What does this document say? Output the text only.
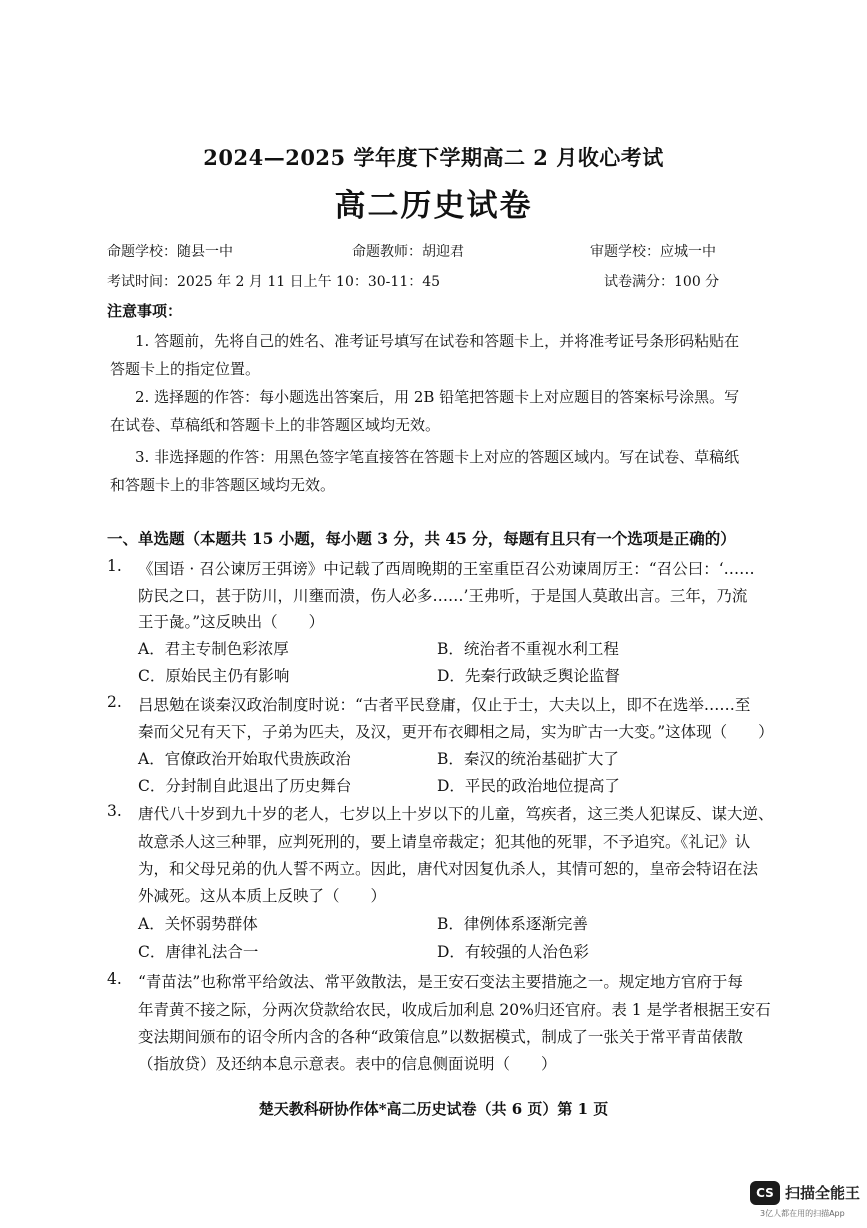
2024—2025 学年度下学期高二 2 月收心考试
高二历史试卷
命题学校：随县一中	命题教师：胡迎君	审题学校：应城一中
考试时间：2025 年 2 月 11 日上午 10：30-11：45	试卷满分：100 分
注意事项：
1. 答题前，先将自己的姓名、准考证号填写在试卷和答题卡上，并将准考证号条形码粘贴在
答题卡上的指定位置。
2. 选择题的作答：每小题选出答案后，用 2B 铅笔把答题卡上对应题目的答案标号涂黑。写
在试卷、草稿纸和答题卡上的非答题区域均无效。
3. 非选择题的作答：用黑色签字笔直接答在答题卡上对应的答题区域内。写在试卷、草稿纸
和答题卡上的非答题区域均无效。
一、单选题（本题共 15 小题，每小题 3 分，共 45 分，每题有且只有一个选项是正确的）
1. 《国语 · 召公谏厉王弭谤》中记载了西周晚期的王室重臣召公劝谏周厉王：“召公曰：‘……
防民之口，甚于防川，川壅而溃，伤人必多……’王弗听，于是国人莫敢出言。三年，乃流
王于彘。”这反映出（　　）
A．君主专制色彩浓厚	B．统治者不重视水利工程
C．原始民主仍有影响	D．先秦行政缺乏舆论监督
2. 吕思勉在谈秦汉政治制度时说：“古者平民登庸，仅止于士，大夫以上，即不在选举……至
秦而父兄有天下，子弟为匹夫，及汉，更开布衣卿相之局，实为旷古一大变。”这体现（　　）
A．官僚政治开始取代贵族政治	B．秦汉的统治基础扩大了
C．分封制自此退出了历史舞台	D．平民的政治地位提高了
3. 唐代八十岁到九十岁的老人，七岁以上十岁以下的儿童，笃疾者，这三类人犯谋反、谋大逆、
故意杀人这三种罪，应判死刑的，要上请皇帝裁定；犯其他的死罪，不予追究。《礼记》认
为，和父母兄弟的仇人誓不两立。因此，唐代对因复仇杀人，其情可恕的，皇帝会特诏在法
外减死。这从本质上反映了（　　）
A．关怀弱势群体	B．律例体系逐渐完善
C．唐律礼法合一	D．有较强的人治色彩
4. “青苗法”也称常平给敛法、常平敛散法，是王安石变法主要措施之一。规定地方官府于每
年青黄不接之际，分两次贷款给农民，收成后加利息 20%归还官府。表 1 是学者根据王安石
变法期间颁布的诏令所内含的各种“政策信息”以数据模式，制成了一张关于常平青苗俵散
（指放贷）及还纳本息示意表。表中的信息侧面说明（　　）
楚天教科研协作体*高二历史试卷（共 6 页）第 1 页
CS 扫描全能王
3亿人都在用的扫描App
